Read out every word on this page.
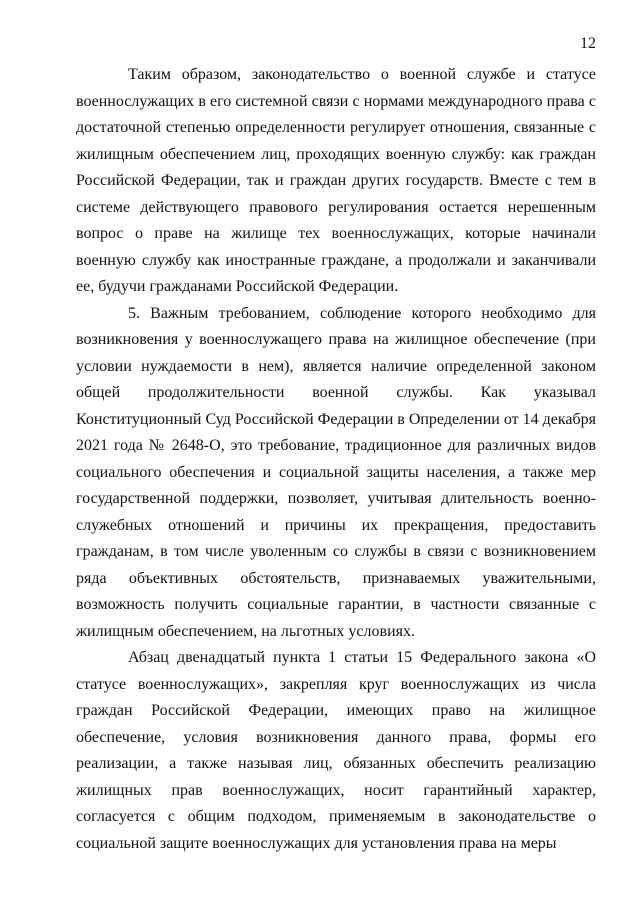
12

Таким образом, законодательство о военной службе и статусе военнослужащих в его системной связи с нормами международного права с достаточной степенью определенности регулирует отношения, связанные с жилищным обеспечением лиц, проходящих военную службу: как граждан Российской Федерации, так и граждан других государств. Вместе с тем в системе действующего правового регулирования остается нерешенным вопрос о праве на жилище тех военнослужащих, которые начинали военную службу как иностранные граждане, а продолжали и заканчивали ее, будучи гражданами Российской Федерации.

5. Важным требованием, соблюдение которого необходимо для возникновения у военнослужащего права на жилищное обеспечение (при условии нуждаемости в нем), является наличие определенной законом общей продолжительности военной службы. Как указывал Конституционный Суд Российской Федерации в Определении от 14 декабря 2021 года № 2648-О, это требование, традиционное для различных видов социального обеспечения и социальной защиты населения, а также мер государственной поддержки, позволяет, учитывая длительность военно-служебных отношений и причины их прекращения, предоставить гражданам, в том числе уволенным со службы в связи с возникновением ряда объективных обстоятельств, признаваемых уважительными, возможность получить социальные гарантии, в частности связанные с жилищным обеспечением, на льготных условиях.

Абзац двенадцатый пункта 1 статьи 15 Федерального закона «О статусе военнослужащих», закрепляя круг военнослужащих из числа граждан Российской Федерации, имеющих право на жилищное обеспечение, условия возникновения данного права, формы его реализации, а также называя лиц, обязанных обеспечить реализацию жилищных прав военнослужащих, носит гарантийный характер, согласуется с общим подходом, применяемым в законодательстве о социальной защите военнослужащих для установления права на меры
